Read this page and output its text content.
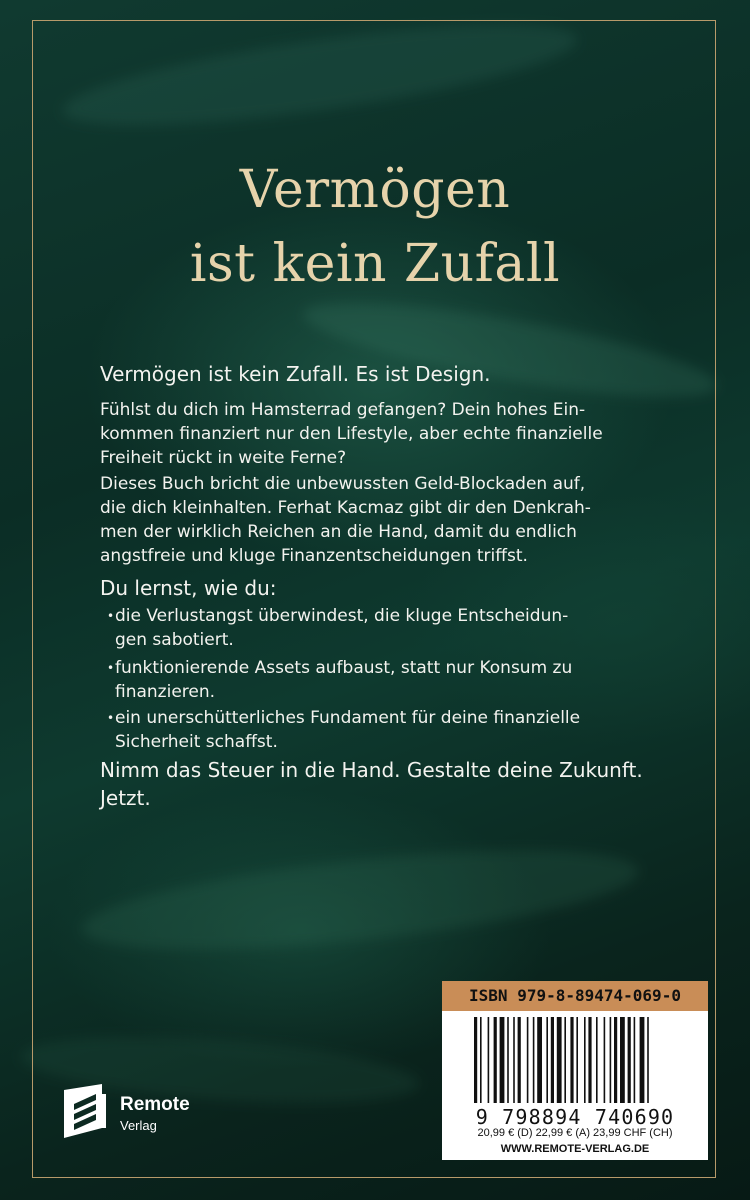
Vermögen
ist kein Zufall
Vermögen ist kein Zufall. Es ist Design.
Fühlst du dich im Hamsterrad gefangen? Dein hohes Ein-
kommen finanziert nur den Lifestyle, aber echte finanzielle
Freiheit rückt in weite Ferne?
Dieses Buch bricht die unbewussten Geld-Blockaden auf,
die dich kleinhalten. Ferhat Kacmaz gibt dir den Denkrah-
men der wirklich Reichen an die Hand, damit du endlich
angstfreie und kluge Finanzentscheidungen triffst.
Du lernst, wie du:
• die Verlustangst überwindest, die kluge Entscheidun-
gen sabotiert.
• funktionierende Assets aufbaust, statt nur Konsum zu
finanzieren.
• ein unerschütterliches Fundament für deine finanzielle
Sicherheit schaffst.
Nimm das Steuer in die Hand. Gestalte deine Zukunft.
Jetzt.
Remote
Verlag
ISBN 979-8-89474-069-0
9 798894 740690
20,99 € (D) 22,99 € (A) 23,99 CHF (CH)
WWW.REMOTE-VERLAG.DE
